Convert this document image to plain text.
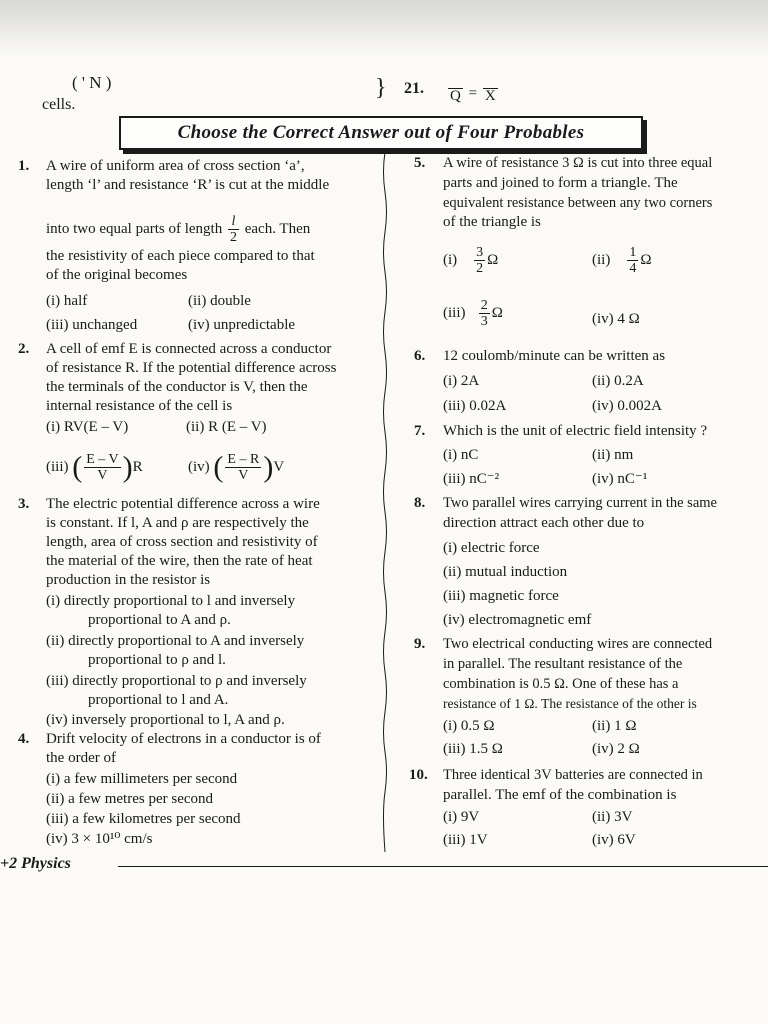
( ' N )
cells.
} 21. Q = X
Choose the Correct Answer out of Four Probables
1. A wire of uniform area of cross section ‘a’,
length ‘l’ and resistance ‘R’ is cut at the middle
into two equal parts of length $\frac{l}{2}$ each. Then
the resistivity of each piece compared to that
of the original becomes
(i) half	(ii) double
(iii) unchanged	(iv) unpredictable
2. A cell of emf E is connected across a conductor
of resistance R. If the potential difference across
the terminals of the conductor is V, then the
internal resistance of the cell is
(i) RV(E – V)	(ii) R (E – V)
(iii) ( $\frac{E - V}{V} )R$	(iv) ( $\frac{E - R}{V} )V$
3. The electric potential difference across a wire
is constant. If l, A and ρ are respectively the
length, area of cross section and resistivity of
the material of the wire, then the rate of heat
production in the resistor is
(i) directly proportional to l and inversely
proportional to A and ρ.
(ii) directly proportional to A and inversely
proportional to ρ and l.
(iii) directly proportional to ρ and inversely
proportional to l and A.
(iv) inversely proportional to l, A and ρ.
4. Drift velocity of electrons in a conductor is of
the order of
(i) a few millimeters per second
(ii) a few metres per second
(iii) a few kilometres per second
(iv) 3 × 10¹⁰ cm/s
5. A wire of resistance 3 Ω is cut into three equal
parts and joined to form a triangle. The
equivalent resistance between any two corners
of the triangle is
$(i) \frac{3}{2}$ Ω	$(ii) \frac{1}{4}$ Ω
$(iii) \frac{2}{3}$ Ω	(iv) 4 Ω
6. 12 coulomb/minute can be written as
(i) 2A	(ii) 0.2A
(iii) 0.02A	(iv) 0.002A
7. Which is the unit of electric field intensity ?
(i) nC	(ii) nm
(iii) nC⁻²	(iv) nC⁻¹
8. Two parallel wires carrying current in the same
direction attract each other due to
(i) electric force
(ii) mutual induction
(iii) magnetic force
(iv) electromagnetic emf
9. Two electrical conducting wires are connected
in parallel. The resultant resistance of the
combination is 0.5 Ω. One of these has a
resistance of 1 Ω. The resistance of the other is
(i) 0.5 Ω	(ii) 1 Ω
(iii) 1.5 Ω	(iv) 2 Ω
10. Three identical 3V batteries are connected in
parallel. The emf of the combination is
(i) 9V	(ii) 3V
(iii) 1V	(iv) 6V
+2 Physics
